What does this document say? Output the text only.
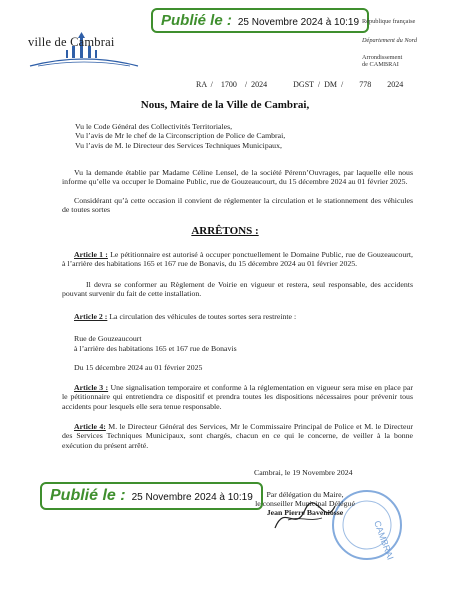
Publié le : 25 Novembre 2024 à 10:19
ville de Cambrai
République française
Département du Nord
Arrondissement
de CAMBRAI
RA / 1700 / 2024	DGST / DM / 778 2024
Nous, Maire de la Ville de Cambrai,
Vu le Code Général des Collectivités Territoriales,
Vu l’avis de Mr le chef de la Circonscription de Police de Cambrai,
Vu l’avis de M. le Directeur des Services Techniques Municipaux,
Vu la demande établie par Madame Céline Lensel, de la société Pérenn’Ouvrages, par laquelle elle nous informe qu’elle va occuper le Domaine Public, rue de Gouzeaucourt, du 15 décembre 2024 au 01 février 2025.
Considérant qu’à cette occasion il convient de réglementer la circulation et le stationnement des véhicules de toutes sortes
ARRÊTONS :
Article 1 : Le pétitionnaire est autorisé à occuper ponctuellement le Domaine Public, rue de Gouzeaucourt, à l’arrière des habitations 165 et 167 rue de Bonavis, du 15 décembre 2024 au 01 février 2025.
Il devra se conformer au Règlement de Voirie en vigueur et restera, seul responsable, des accidents pouvant survenir du fait de cette installation.
Article 2 : La circulation des véhicules de toutes sortes sera restreinte :
Rue de Gouzeaucourt
à l’arrière des habitations 165 et 167 rue de Bonavis
Du 15 décembre 2024 au 01 février 2025
Article 3 : Une signalisation temporaire et conforme à la réglementation en vigueur sera mise en place par le pétitionnaire qui entretiendra ce dispositif et prendra toutes les dispositions nécessaires pour prévenir tous accidents pour lesquels elle sera tenue responsable.
Article 4: M. le Directeur Général des Services, Mr le Commissaire Principal de Police et M. le Directeur des Services Techniques Municipaux, sont chargés, chacun en ce qui le concerne, de veiller à la bonne exécution du présent arrêté.
Cambrai, le 19 Novembre 2024
Publié le : 25 Novembre 2024 à 10:19
CAMBRAI
Par délégation du Maire,
le conseiller Municipal Délégué
Jean Pierre Baveniosse
